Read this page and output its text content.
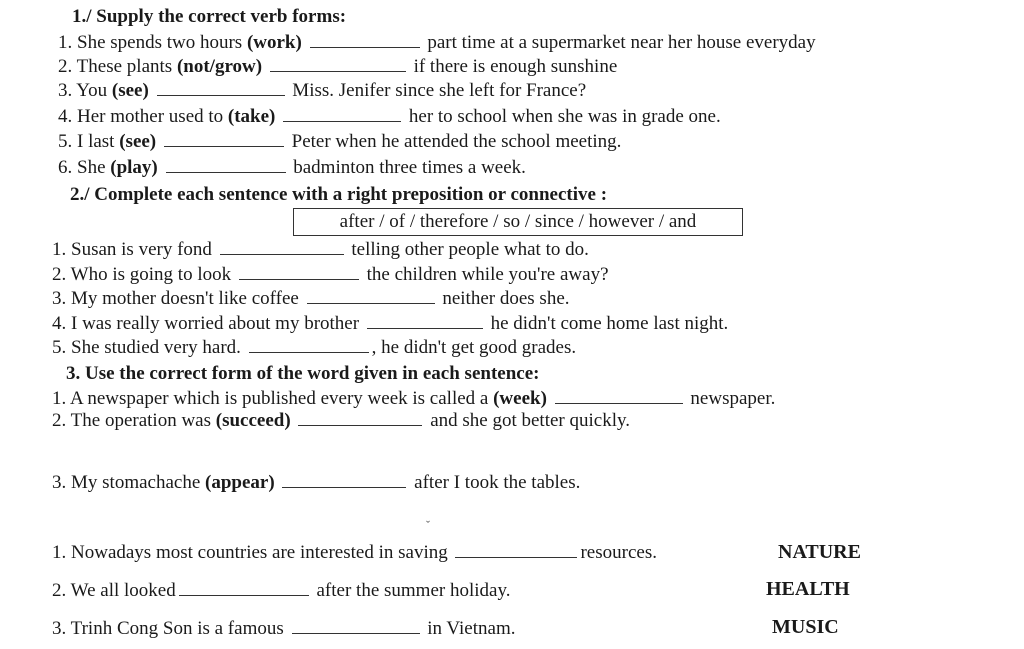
1./ Supply the correct verb forms:
1. She spends two hours (work)	part time at a supermarket near her house everyday
2. These plants (not/grow)	if there is enough sunshine
3. You (see)	Miss. Jenifer since she left for France?
4. Her mother used to (take)	her to school when she was in grade one.
5. I last (see)	Peter when he attended the school meeting.
6. She (play)	badminton three times a week.
2./ Complete each sentence with a right preposition or connective :
after / of / therefore / so / since / however / and
1. Susan is very fond	telling other people what to do.
2. Who is going to look	the children while you're away?
3. My mother doesn't like coffee	neither does she.
4. I was really worried about my brother	he didn't come home last night.
5. She studied very hard.	, he didn't get good grades.
3. Use the correct form of the word given in each sentence:
1. A newspaper which is published every week is called a (week)	newspaper.
2. The operation was (succeed)	and she got better quickly.
3. My stomachache (appear)	after I took the tables.
ˇ
1. Nowadays most countries are interested in saving	resources.	NATURE
2. We all looked	after the summer holiday.	HEALTH
3. Trinh Cong Son is a famous	in Vietnam.	MUSIC
